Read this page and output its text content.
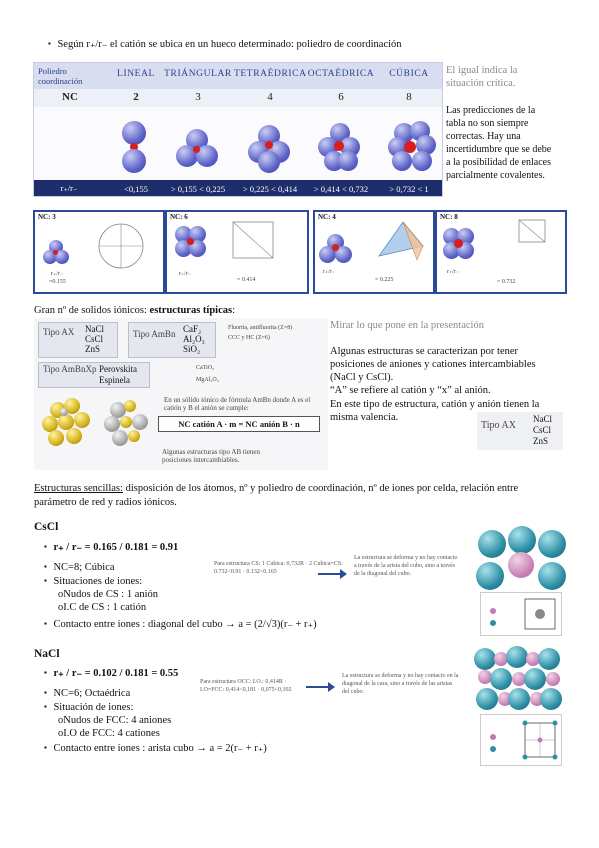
▪ Según r₊/r₋ el catión se ubica en un hueco determinado: poliedro de coordinación
Poliedro coordinación
LINEAL TRIÁNGULAR TETRAÉDRICA OCTAÉDRICA	CÚBICA
NC	2	3	4	6	8
r₊/r₋	<0,155	> 0,155 < 0,225	> 0,225 < 0,414	> 0,414 < 0,732	> 0,732 < 1
El igual indica la situación crítica.
Las predicciones de la tabla no son siempre correctas. Hay una incertidumbre que se debe a la posibilidad de enlaces parcialmente covalentes.
NC: 3
r₊/r₋
=0.155
NC: 6
r₊/r₋
= 0.414
NC: 4
r₊/r₋
= 0.225
NC: 8
r₊/r₋
= 0.732
Gran nº de solidos iónicos: estructuras típicas:
Tipo AX NaCl
CsCl
ZnS
Tipo AmBn CaF₂
Al₂O₃
SiO₂
Fluorita, antifluorita (Z=8)
CCC y HC (Z=6)
Tipo AmBnXp Perovskita
Espinela
CaTiO₃
MgAl₂O₄
En un sólido iónico de fórmula AmBn donde A es el catión y B el anión se cumple:
NC catión A · m = NC anión B · n
Algunas estructuras tipo AB tienen posiciones intercambiables.
Mirar lo que pone en la presentación
Algunas estructuras se caracterizan por tener posiciones de aniones y cationes intercambiables (NaCl y CsCl).
“A” se refiere al catión y “x” al anión.
En este tipo de estructura, catión y anión tienen la misma valencia.
Tipo AX
NaCl
CsCl
ZnS
Estructuras sencillas: disposición de los átomos, nº y poliedro de coordinación, nº de iones por celda, relación entre parámetro de red y radios iónicos.
CsCl
▪ r₊ / r₋ = 0.165 / 0.181 = 0.91
▪ NC=8; Cúbica
▪ Situaciones de iones:
oNudos de CS : 1 anión
oI.C de CS : 1 catión
▪ Contacto entre iones : diagonal del cubo → a = (2/√3)(r₋ + r₊)
Para estructura CS: 1 Cubica: 0,732R · 2 Cubica=CS: 0.732<0.91 · 0.132<0.165
La estructura se deforma y no hay contacto a través de la arista del cubo, sino a través de la diagonal del cubo.
NaCl
▪ r₊ / r₋ = 0.102 / 0.181 = 0.55
▪ NC=6; Octaédrica
▪ Situación de iones:
oNudos de FCC: 4 aniones
oI.O de FCC: 4 cationes
▪ Contacto entre iones : arista cubo → a = 2(r₋ + r₊)
Para estructura OCC: I.O.: 0,414R · I.O=FCC: 0,414<0,181 · 0,075<0,102
La estructura se deforma y no hay contacto en la diagonal de la cara, sino a través de las aristas del cubo.
